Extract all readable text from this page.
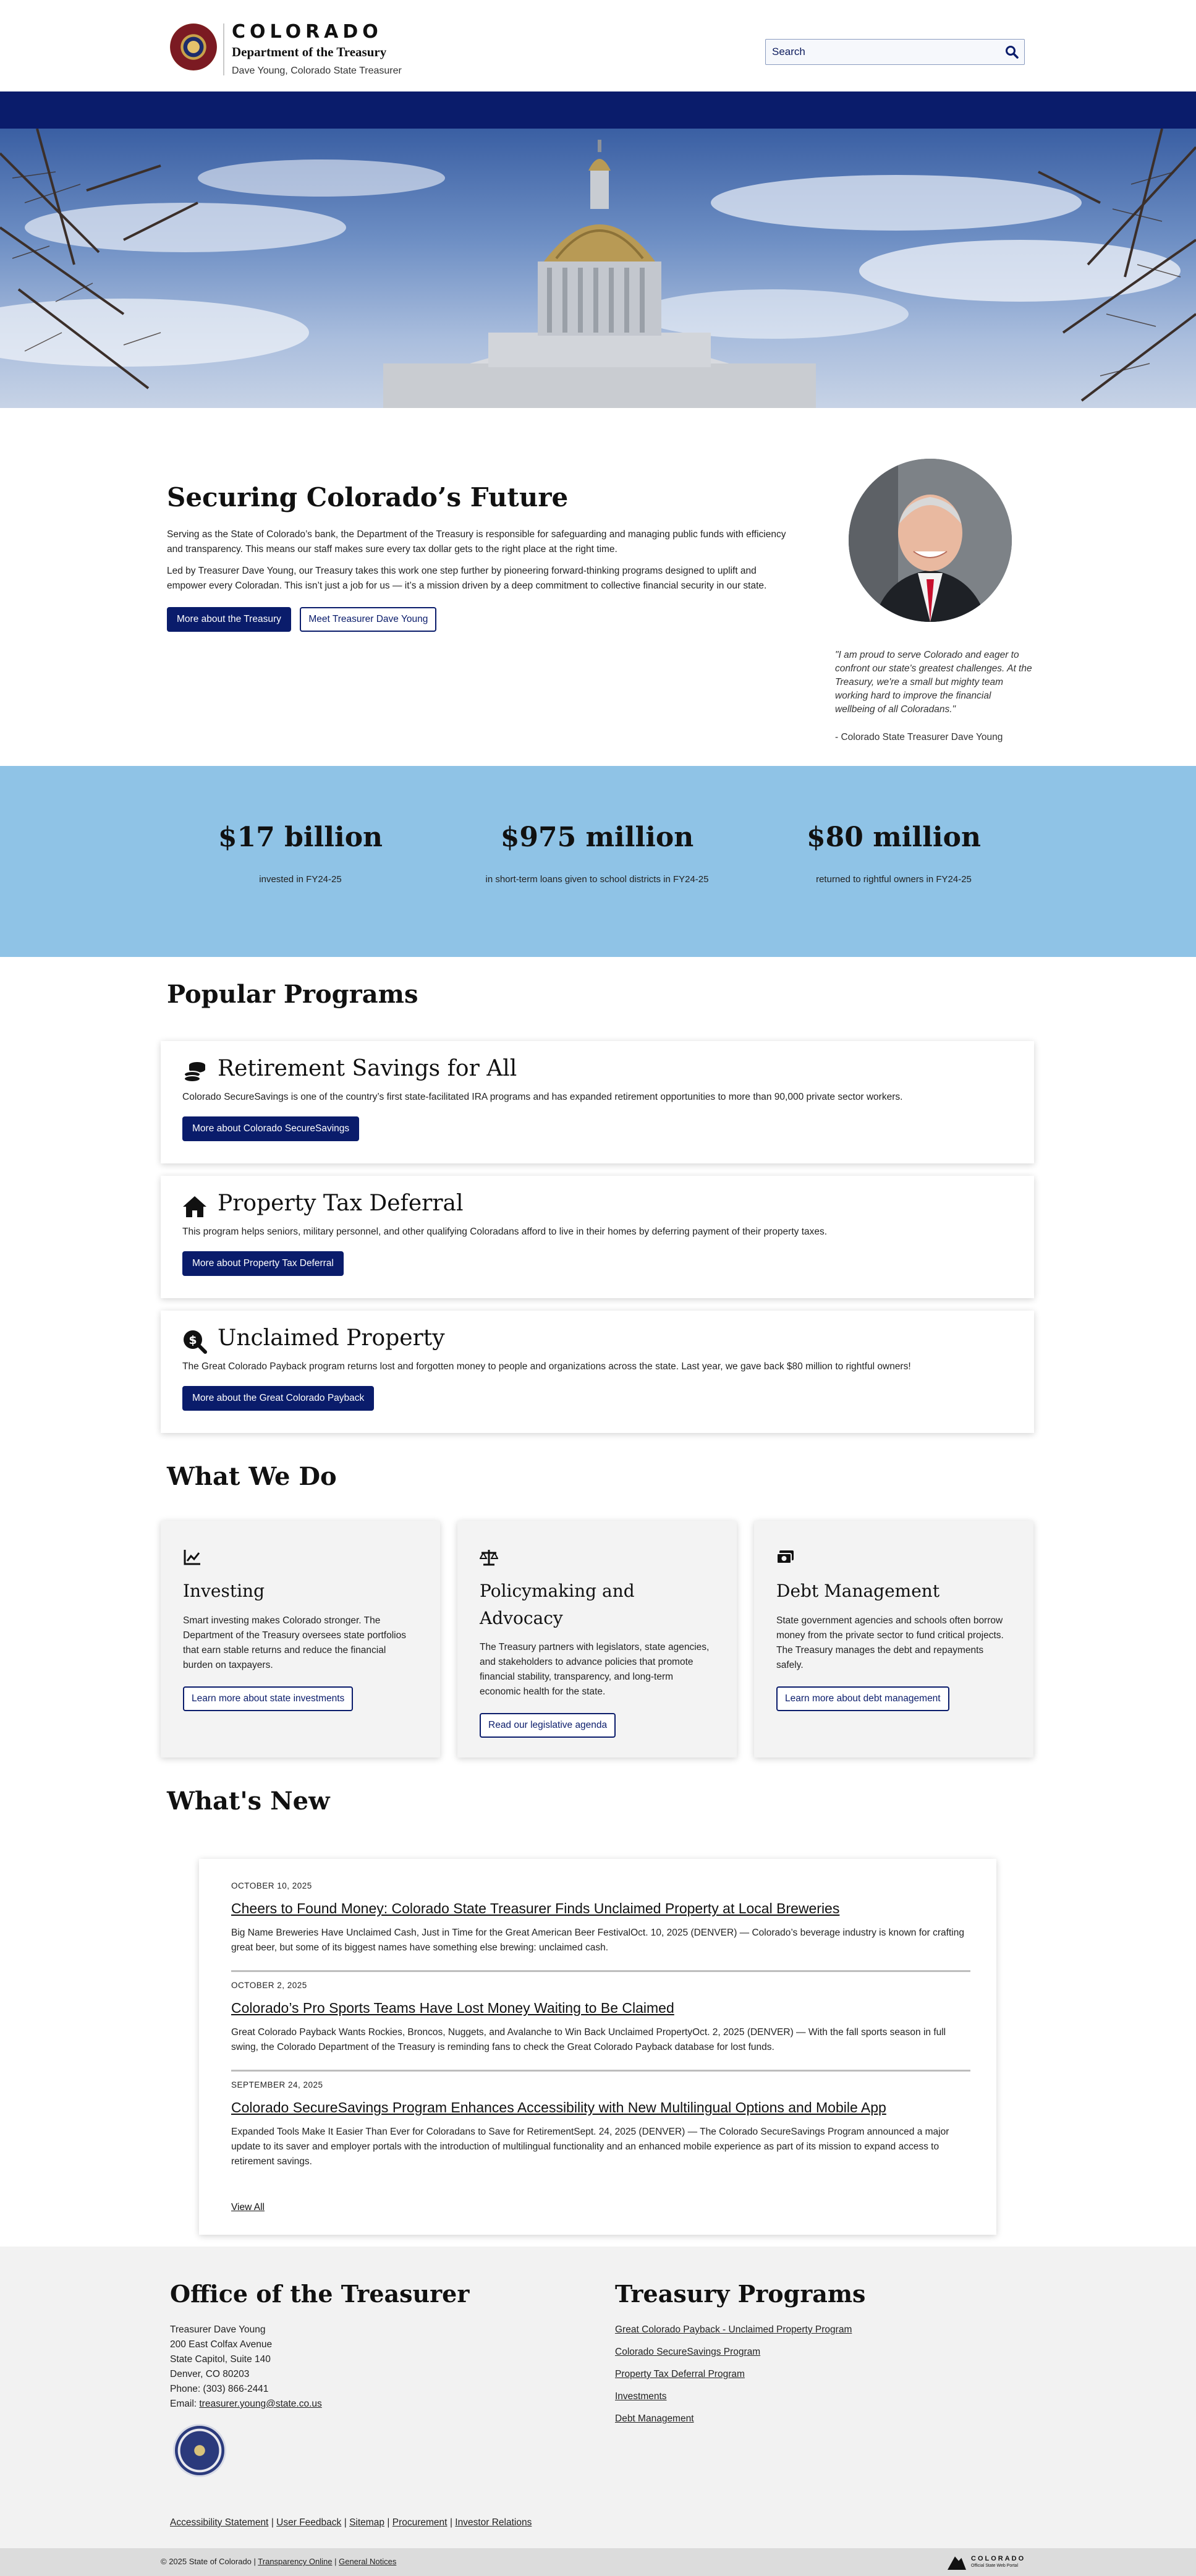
COLORADO
Department of the Treasury
Dave Young, Colorado State Treasurer
Search
Securing Colorado’s Future

Serving as the State of Colorado’s bank, the Department of the Treasury is responsible for safeguarding and managing public funds with efficiency and transparency. This means our staff makes sure every tax dollar gets to the right place at the right time.

Led by Treasurer Dave Young, our Treasury takes this work one step further by pioneering forward-thinking programs designed to uplift and empower every Coloradan. This isn’t just a job for us — it’s a mission driven by a deep commitment to collective financial security in our state.

More about the Treasury	Meet Treasurer Dave Young

"I am proud to serve Colorado and eager to confront our state's greatest challenges. At the Treasury, we're a small but mighty team working hard to improve the financial wellbeing of all Coloradans."

- Colorado State Treasurer Dave Young

$17 billion
invested in FY24-25
$975 million
in short-term loans given to school districts in FY24-25
$80 million
returned to rightful owners in FY24-25
Popular Programs
Retirement Savings for All
Colorado SecureSavings is one of the country’s first state-facilitated IRA programs and has expanded retirement opportunities to more than 90,000 private sector workers.
More about Colorado SecureSavings
Property Tax Deferral
This program helps seniors, military personnel, and other qualifying Coloradans afford to live in their homes by deferring payment of their property taxes.
More about Property Tax Deferral
$ Unclaimed Property
The Great Colorado Payback program returns lost and forgotten money to people and organizations across the state. Last year, we gave back $80 million to rightful owners!
More about the Great Colorado Payback
What We Do
Investing
Smart investing makes Colorado stronger. The Department of the Treasury oversees state portfolios that earn stable returns and reduce the financial burden on taxpayers.
Learn more about state investments
Policymaking and Advocacy
The Treasury partners with legislators, state agencies, and stakeholders to advance policies that promote financial stability, transparency, and long-term economic health for the state.
Read our legislative agenda
Debt Management
State government agencies and schools often borrow money from the private sector to fund critical projects. The Treasury manages the debt and repayments safely.
Learn more about debt management
What's New
OCTOBER 10, 2025
Cheers to Found Money: Colorado State Treasurer Finds Unclaimed Property at Local Breweries
Big Name Breweries Have Unclaimed Cash, Just in Time for the Great American Beer FestivalOct. 10, 2025 (DENVER) — Colorado’s beverage industry is known for crafting great beer, but some of its biggest names have something else brewing: unclaimed cash.
OCTOBER 2, 2025
Colorado’s Pro Sports Teams Have Lost Money Waiting to Be Claimed
Great Colorado Payback Wants Rockies, Broncos, Nuggets, and Avalanche to Win Back Unclaimed PropertyOct. 2, 2025 (DENVER) — With the fall sports season in full swing, the Colorado Department of the Treasury is reminding fans to check the Great Colorado Payback database for lost funds.
SEPTEMBER 24, 2025
Colorado SecureSavings Program Enhances Accessibility with New Multilingual Options and Mobile App
Expanded Tools Make It Easier Than Ever for Coloradans to Save for RetirementSept. 24, 2025 (DENVER) — The Colorado SecureSavings Program announced a major update to its saver and employer portals with the introduction of multilingual functionality and an enhanced mobile experience as part of its mission to expand access to retirement savings.
View All
Office of the Treasurer
Treasurer Dave Young
200 East Colfax Avenue
State Capitol, Suite 140
Denver, CO 80203
Phone: (303) 866-2441
Email: treasurer.young@state.co.us
Treasury Programs
Great Colorado Payback - Unclaimed Property Program
Colorado SecureSavings Program
Property Tax Deferral Program
Investments
Debt Management
Accessibility Statement | User Feedback | Sitemap | Procurement | Investor Relations
© 2025 State of Colorado | Transparency Online | General Notices	COLORADO
Official State Web Portal
